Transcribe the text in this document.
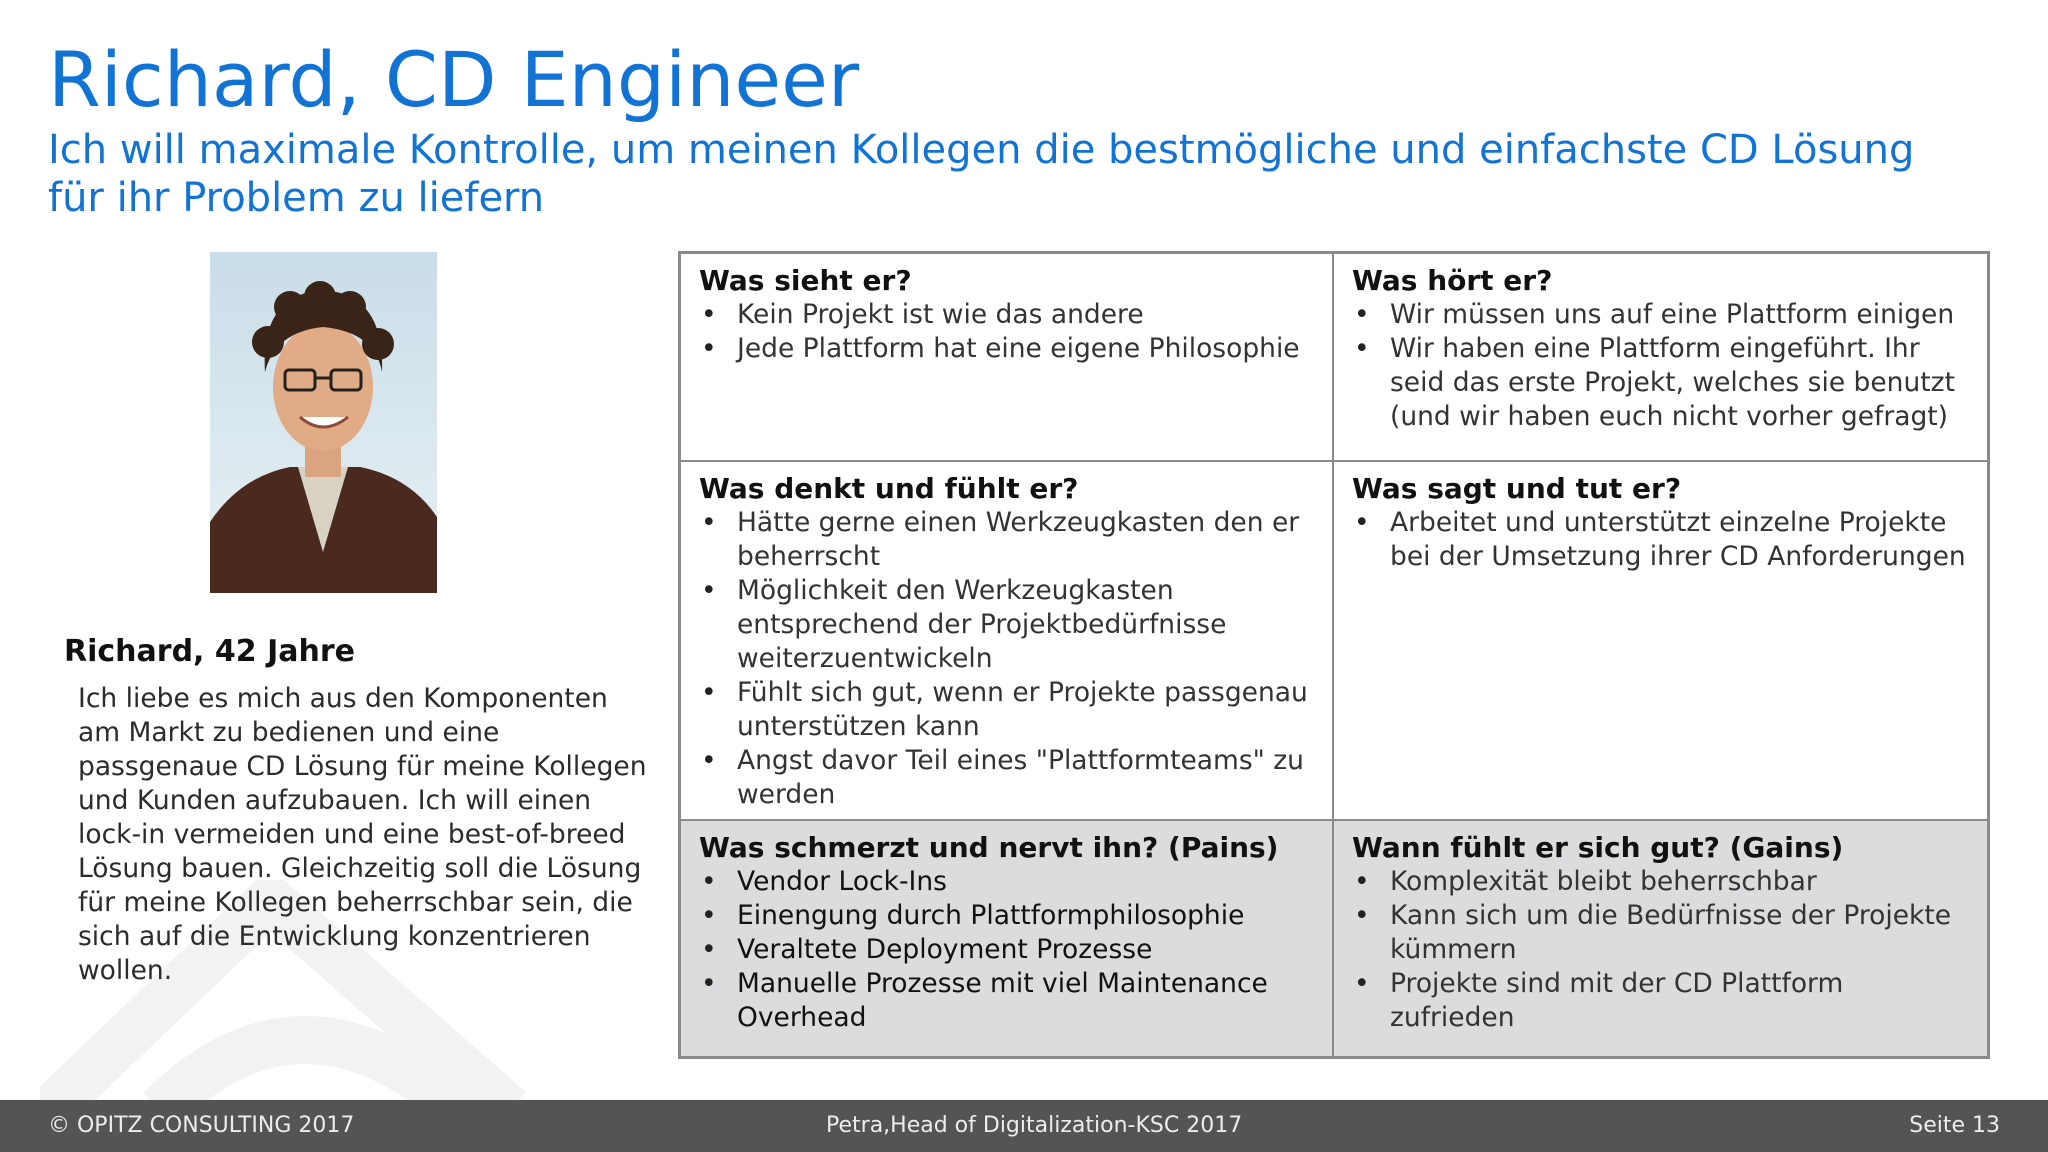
Richard, CD Engineer
Ich will maximale Kontrolle, um meinen Kollegen die bestmögliche und einfachste CD Lösung für ihr Problem zu liefern
Richard, 42 Jahre

Ich liebe es mich aus den Komponenten am Markt zu bedienen und eine passgenaue CD Lösung für meine Kollegen und Kunden aufzubauen. Ich will einen lock-in vermeiden und eine best-of-breed Lösung bauen. Gleichzeitig soll die Lösung für meine Kollegen beherrschbar sein, die sich auf die Entwicklung konzentrieren wollen.

Was sieht er?
• Kein Projekt ist wie das andere
• Jede Plattform hat eine eigene Philosophie
Was hört er?
• Wir müssen uns auf eine Plattform einigen
• Wir haben eine Plattform eingeführt. Ihr seid das erste Projekt, welches sie benutzt (und wir haben euch nicht vorher gefragt)
Was denkt und fühlt er?
• Hätte gerne einen Werkzeugkasten den er beherrscht
• Möglichkeit den Werkzeugkasten entsprechend der Projektbedürfnisse weiterzuentwickeln
• Fühlt sich gut, wenn er Projekte passgenau unterstützen kann
• Angst davor Teil eines "Plattformteams" zu werden
Was sagt und tut er?
• Arbeitet und unterstützt einzelne Projekte bei der Umsetzung ihrer CD Anforderungen
Was schmerzt und nervt ihn? (Pains)
• Vendor Lock-Ins
• Einengung durch Plattformphilosophie
• Veraltete Deployment Prozesse
• Manuelle Prozesse mit viel Maintenance Overhead
Wann fühlt er sich gut? (Gains)
• Komplexität bleibt beherrschbar
• Kann sich um die Bedürfnisse der Projekte kümmern
• Projekte sind mit der CD Plattform zufrieden
© OPITZ CONSULTING 2017	Petra,Head of Digitalization-KSC 2017	Seite 13
